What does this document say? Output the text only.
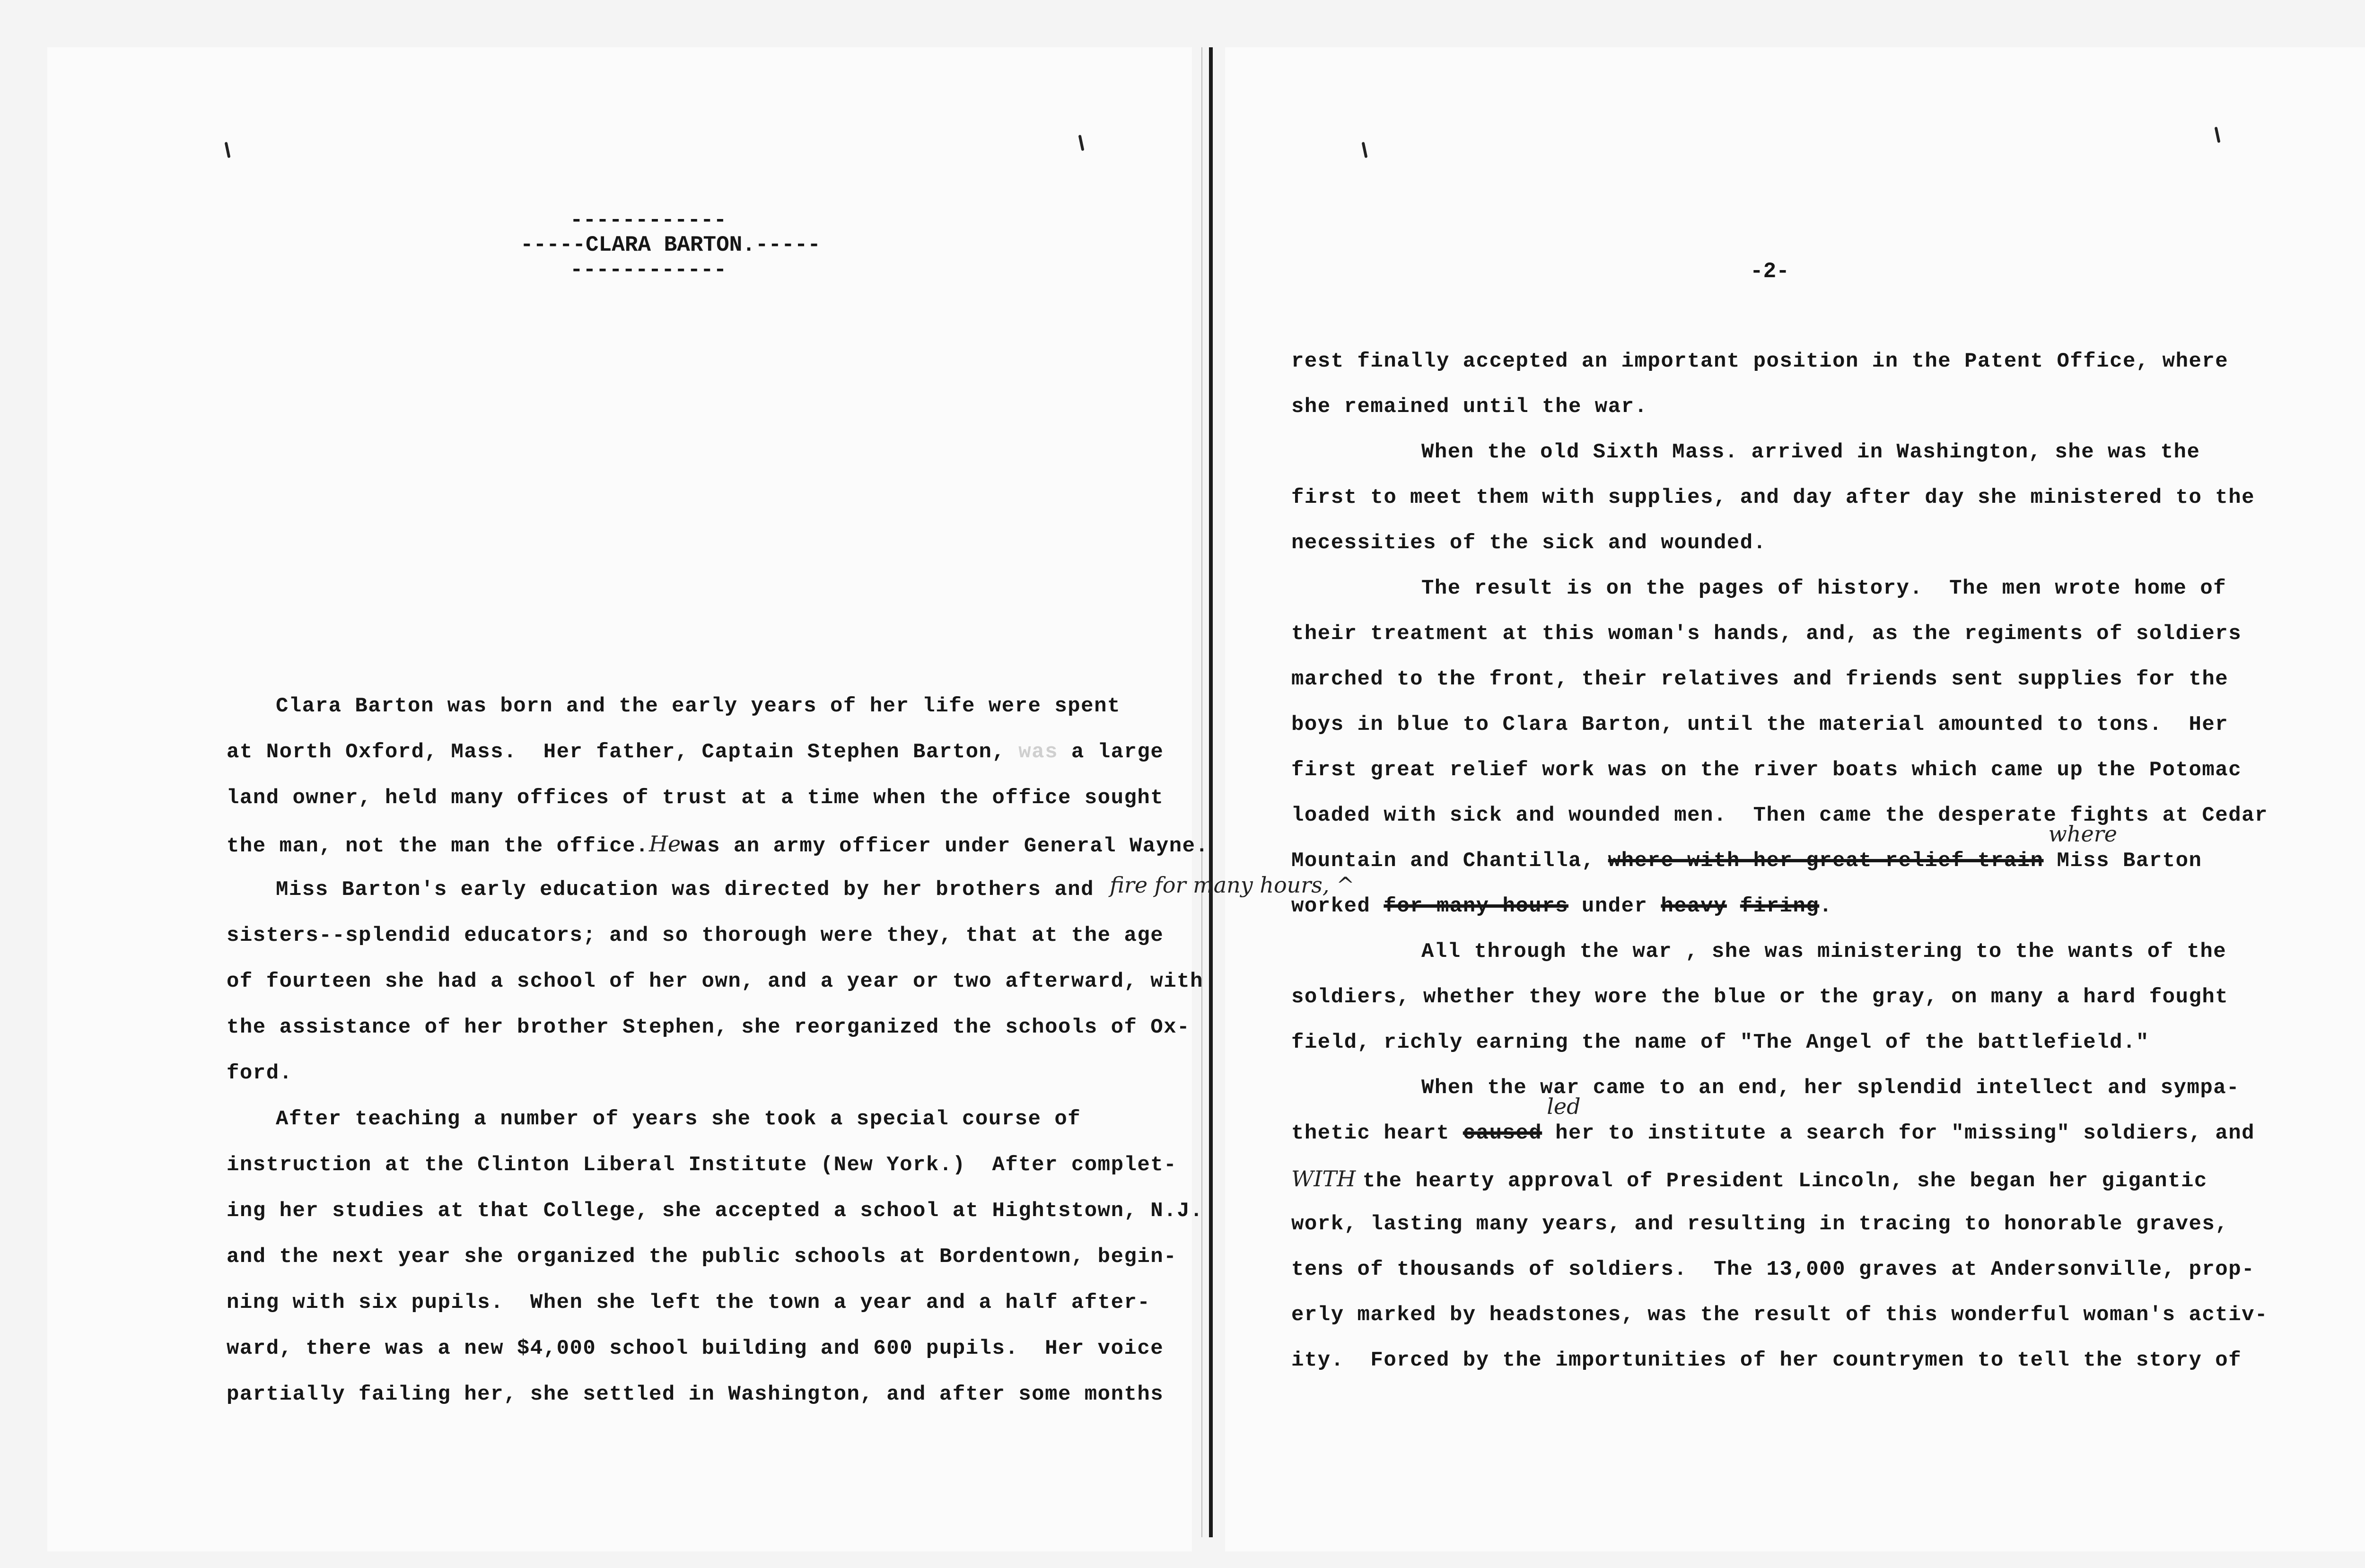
------------
-----CLARA BARTON.-----
------------	-2-
Clara Barton was born and the early years of her life were spent
at North Oxford, Mass.  Her father, Captain Stephen Barton, was a large
land owner, held many offices of trust at a time when the office sought
the man, not the man the office.Hewas an army officer under General Wayne.
Miss Barton's early education was directed by her brothers and
sisters--splendid educators; and so thorough were they, that at the age
of fourteen she had a school of her own, and a year or two afterward, with
the assistance of her brother Stephen, she reorganized the schools of Ox-
ford.
After teaching a number of years she took a special course of
instruction at the Clinton Liberal Institute (New York.)  After complet-
ing her studies at that College, she accepted a school at Hightstown, N.J.
and the next year she organized the public schools at Bordentown, begin-
ning with six pupils.  When she left the town a year and a half after-
ward, there was a new $4,000 school building and 600 pupils.  Her voice
partially failing her, she settled in Washington, and after some months
rest finally accepted an important position in the Patent Office, where
she remained until the war.
When the old Sixth Mass. arrived in Washington, she was the
first to meet them with supplies, and day after day she ministered to the
necessities of the sick and wounded.
The result is on the pages of history.  The men wrote home of
their treatment at this woman's hands, and, as the regiments of soldiers
marched to the front, their relatives and friends sent supplies for the
boys in blue to Clara Barton, until the material amounted to tons.  Her
first great relief work was on the river boats which came up the Potomac
loaded with sick and wounded men.  Then came the desperate fights at Cedar
Mountain and Chantilla, where with her great relief train
where
Miss Barton
worked for many hours under heavy firing
fire for many hours, ^
.
All through the war , she was ministering to the wants of the
soldiers, whether they wore the blue or the gray, on many a hard fought
field, richly earning the name of "The Angel of the battlefield."
When the war came to an end, her splendid intellect and sympa-
thetic heart caused
led
her to institute a search for "missing" soldiers, and
WITH the hearty approval of President Lincoln, she began her gigantic
work, lasting many years, and resulting in tracing to honorable graves,
tens of thousands of soldiers.  The 13,000 graves at Andersonville, prop-
erly marked by headstones, was the result of this wonderful woman's activ-
ity.  Forced by the importunities of her countrymen to tell the story of
